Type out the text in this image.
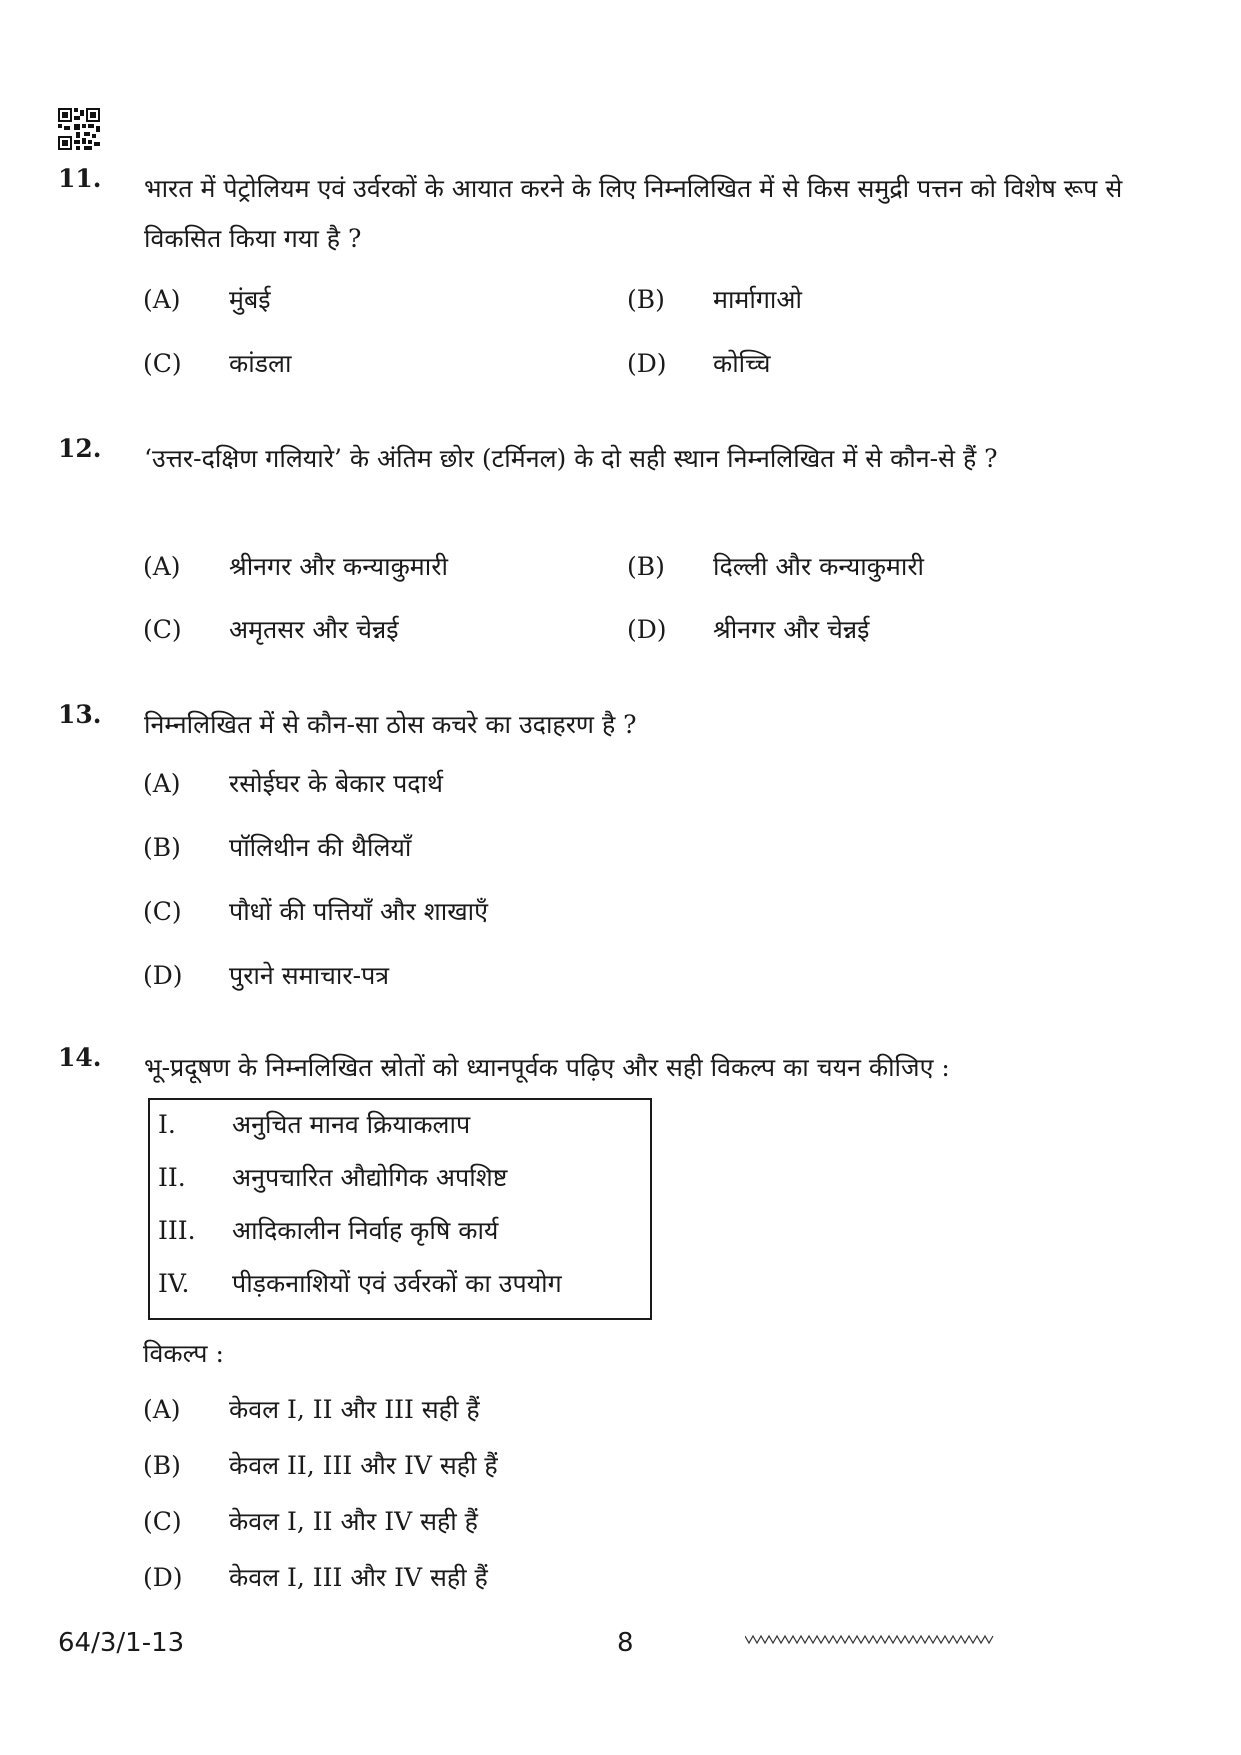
11. भारत में पेट्रोलियम एवं उर्वरकों के आयात करने के लिए निम्नलिखित में से किस समुद्री पत्तन को विशेष रूप से विकसित किया गया है ?
(A) मुंबई	(B) मार्मागाओ
(C) कांडला	(D) कोच्चि
12. ‘उत्तर-दक्षिण गलियारे’ के अंतिम छोर (टर्मिनल) के दो सही स्थान निम्नलिखित में से कौन-से हैं ?
(A) श्रीनगर और कन्याकुमारी	(B) दिल्ली और कन्याकुमारी
(C) अमृतसर और चेन्नई	(D) श्रीनगर और चेन्नई
13. निम्नलिखित में से कौन-सा ठोस कचरे का उदाहरण है ?
(A) रसोईघर के बेकार पदार्थ
(B) पॉलिथीन की थैलियाँ
(C) पौधों की पत्तियाँ और शाखाएँ
(D) पुराने समाचार-पत्र
14. भू-प्रदूषण के निम्नलिखित स्रोतों को ध्यानपूर्वक पढ़िए और सही विकल्प का चयन कीजिए :
I. अनुचित मानव क्रियाकलाप
II. अनुपचारित औद्योगिक अपशिष्ट
III. आदिकालीन निर्वाह कृषि कार्य
IV. पीड़कनाशियों एवं उर्वरकों का उपयोग
विकल्प :
(A) केवल I, II और III सही हैं
(B) केवल II, III और IV सही हैं
(C) केवल I, II और IV सही हैं
(D) केवल I, III और IV सही हैं
64/3/1-13	8
